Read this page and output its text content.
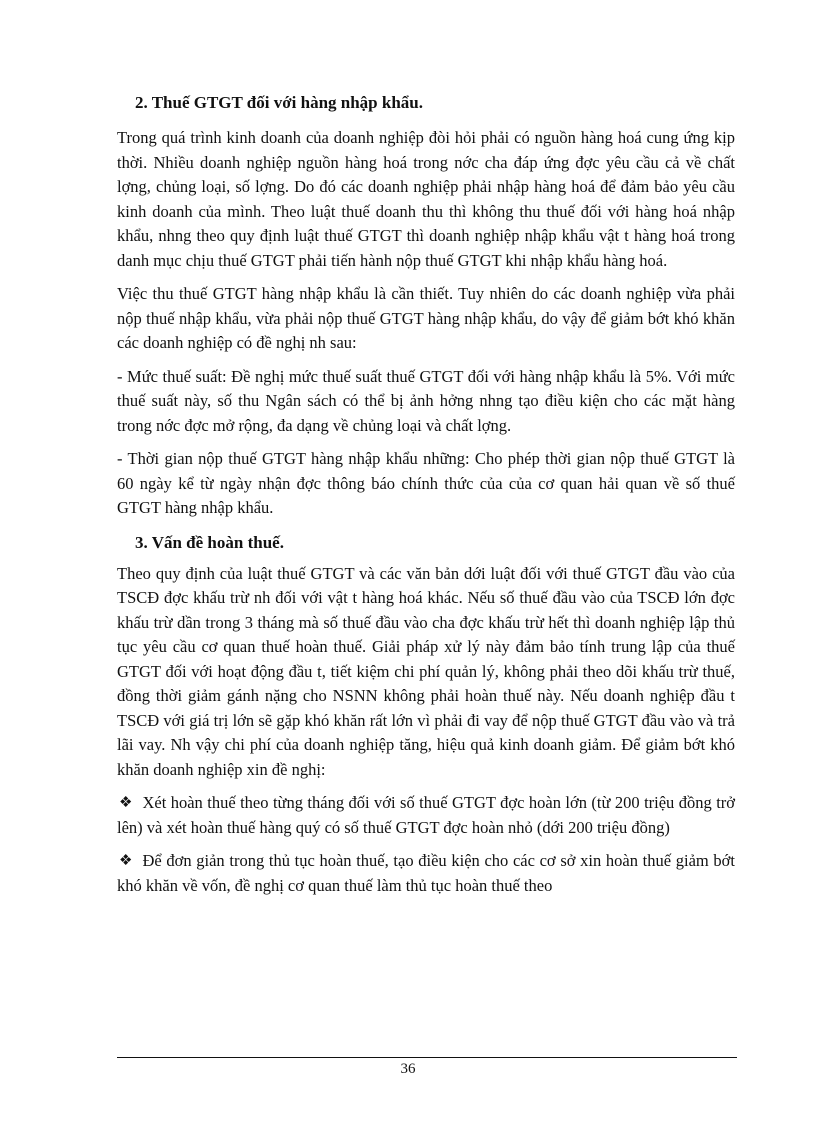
2. Thuế GTGT đối với hàng nhập khẩu.

Trong quá trình kinh doanh của doanh nghiệp đòi hỏi phải có nguồn hàng hoá cung ứng kịp thời. Nhiều doanh nghiệp nguồn hàng hoá trong nớc cha đáp ứng đợc yêu cầu cả về chất lợng, chủng loại, số lợng. Do đó các doanh nghiệp phải nhập hàng hoá để đảm bảo yêu cầu kinh doanh của mình. Theo luật thuế doanh thu thì không thu thuế đối với hàng hoá nhập khẩu, nhng theo quy định luật thuế GTGT thì doanh nghiệp nhập khẩu vật t hàng hoá trong danh mục chịu thuế GTGT phải tiến hành nộp thuế GTGT khi nhập khẩu hàng hoá.

Việc thu thuế GTGT hàng nhập khẩu là cần thiết. Tuy nhiên do các doanh nghiệp vừa phải nộp thuế nhập khẩu, vừa phải nộp thuế GTGT hàng nhập khẩu, do vậy để giảm bớt khó khăn các doanh nghiệp có đề nghị nh sau:

- Mức thuế suất: Đề nghị mức thuế suất thuế GTGT đối với hàng nhập khẩu là 5%. Với mức thuế suất này, số thu Ngân sách có thể bị ảnh hởng nhng tạo điều kiện cho các mặt hàng trong nớc đợc mở rộng, đa dạng về chủng loại và chất lợng.

- Thời gian nộp thuế GTGT hàng nhập khẩu những: Cho phép thời gian nộp thuế GTGT là 60 ngày kể từ ngày nhận đợc thông báo chính thức của của cơ quan hải quan về số thuế GTGT hàng nhập khẩu.

3. Vấn đề hoàn thuế.

Theo quy định của luật thuế GTGT và các văn bản dới luật đối với thuế GTGT đầu vào của TSCĐ đợc khấu trừ nh đối với vật t hàng hoá khác. Nếu số thuế đầu vào của TSCĐ lớn đợc khấu trừ dần trong 3 tháng mà số thuế đầu vào cha đợc khấu trừ hết thì doanh nghiệp lập thủ tục yêu cầu cơ quan thuế hoàn thuế. Giải pháp xử lý này đảm bảo tính trung lập của thuế GTGT đối với hoạt động đầu t, tiết kiệm chi phí quản lý, không phải theo dõi khấu trừ thuế, đồng thời giảm gánh nặng cho NSNN không phải hoàn thuế này. Nếu doanh nghiệp đầu t TSCĐ với giá trị lớn sẽ gặp khó khăn rất lớn vì phải đi vay để nộp thuế GTGT đầu vào và trả lãi vay. Nh vậy chi phí của doanh nghiệp tăng, hiệu quả kinh doanh giảm. Để giảm bớt khó khăn doanh nghiệp xin đề nghị:

❖ Xét hoàn thuế theo từng tháng đối với số thuế GTGT đợc hoàn lớn (từ 200 triệu đồng trở lên) và xét hoàn thuế hàng quý có số thuế GTGT đợc hoàn nhỏ (dới 200 triệu đồng)

❖ Để đơn giản trong thủ tục hoàn thuế, tạo điều kiện cho các cơ sở xin hoàn thuế giảm bớt khó khăn về vốn, đề nghị cơ quan thuế làm thủ tục hoàn thuế theo

36
